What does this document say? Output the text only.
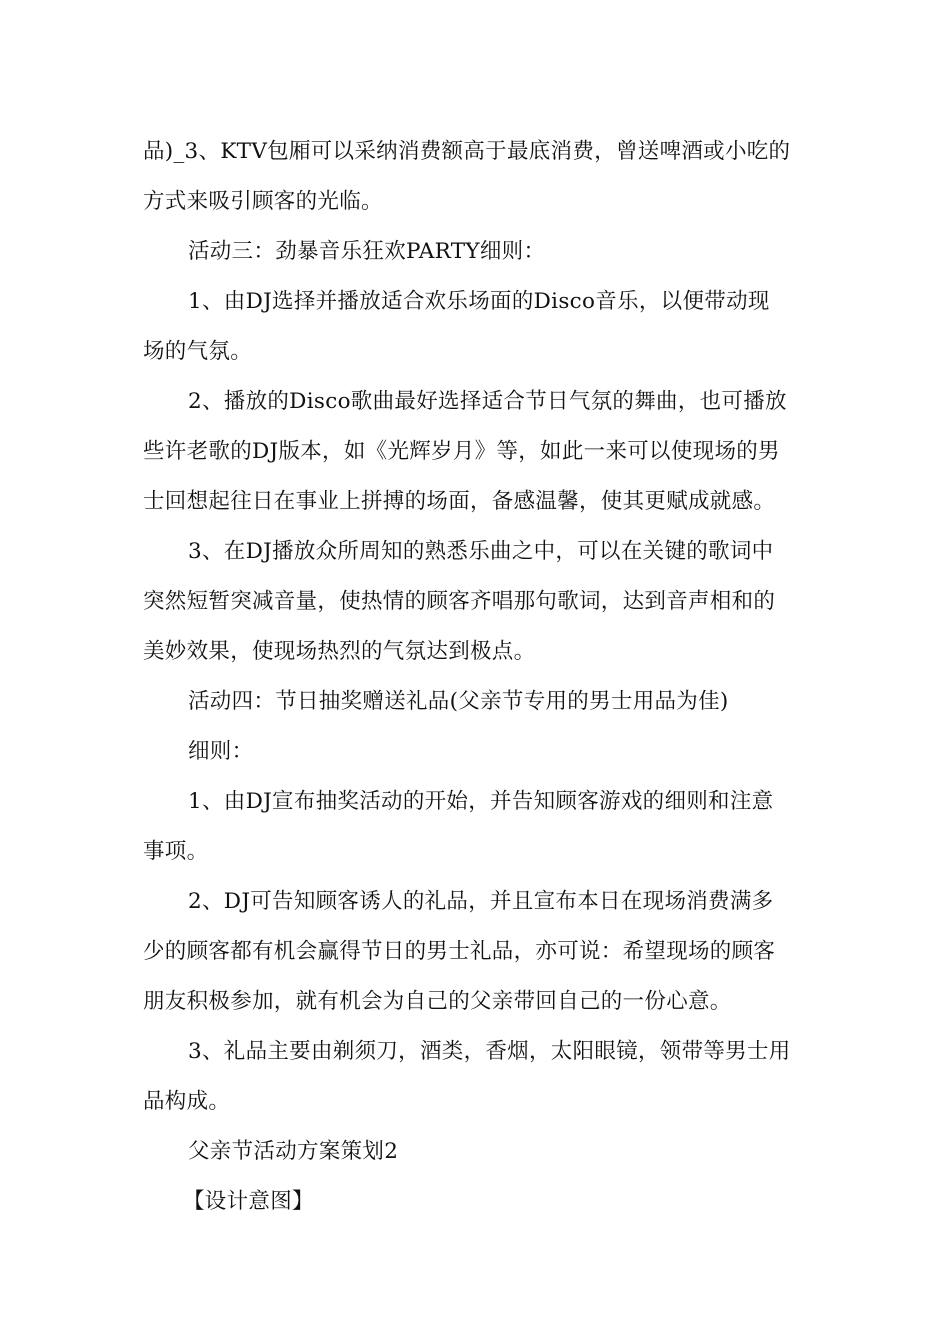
品)_3、KTV包厢可以采纳消费额高于最底消费，曾送啤酒或小吃的
方式来吸引顾客的光临。
活动三：劲暴音乐狂欢PARTY细则：
1、由DJ选择并播放适合欢乐场面的Disco音乐，以便带动现
场的气氛。
2、播放的Disco歌曲最好选择适合节日气氛的舞曲，也可播放
些许老歌的DJ版本，如《光辉岁月》等，如此一来可以使现场的男
士回想起往日在事业上拼搏的场面，备感温馨，使其更赋成就感。
3、在DJ播放众所周知的熟悉乐曲之中，可以在关键的歌词中
突然短暂突减音量，使热情的顾客齐唱那句歌词，达到音声相和的
美妙效果，使现场热烈的气氛达到极点。
活动四：节日抽奖赠送礼品(父亲节专用的男士用品为佳)
细则：
1、由DJ宣布抽奖活动的开始，并告知顾客游戏的细则和注意
事项。
2、DJ可告知顾客诱人的礼品，并且宣布本日在现场消费满多
少的顾客都有机会赢得节日的男士礼品，亦可说：希望现场的顾客
朋友积极参加，就有机会为自己的父亲带回自己的一份心意。
3、礼品主要由剃须刀，酒类，香烟，太阳眼镜，领带等男士用
品构成。
父亲节活动方案策划2
【设计意图】
